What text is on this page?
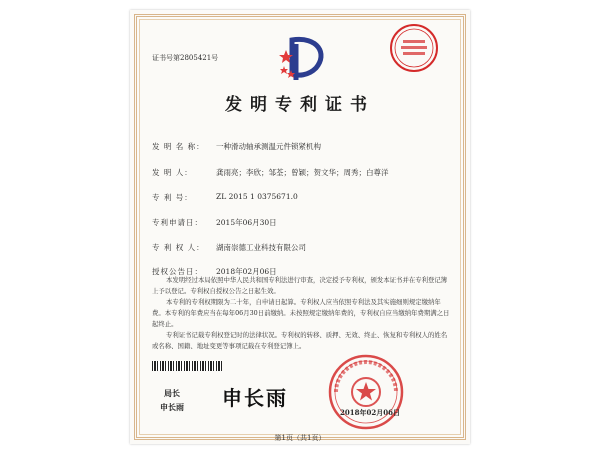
证书号第2805421号
发明专利证书
发 明 名 称： 一种滑动轴承测温元件锁紧机构
发 明 人：	龚雨亮；李欣；邹荃；曾颖；贺文华；周秀；白尊洋
专 利 号：	ZL 2015 1 0375671.0
专利申请日： 2015年06月30日
专 利 权 人： 湖南崇德工业科技有限公司
授权公告日： 2018年02月06日

本发明经过本局依照中华人民共和国专利法进行审查，决定授予专利权，颁发本证书并在专利登记簿上予以登记。专利权自授权公告之日起生效。

本专利的专利权期限为二十年，自申请日起算。专利权人应当依照专利法及其实施细则规定缴纳年费。本专利的年费应当在每年06月30日前缴纳。未按照规定缴纳年费的，专利权自应当缴纳年费期满之日起终止。

专利证书记载专利权登记时的法律状况。专利权的转移、质押、无效、终止、恢复和专利权人的姓名或名称、国籍、地址变更等事项记载在专利登记簿上。

局长
申长雨 申长雨
2018年02月06日
第1页（共1页）
